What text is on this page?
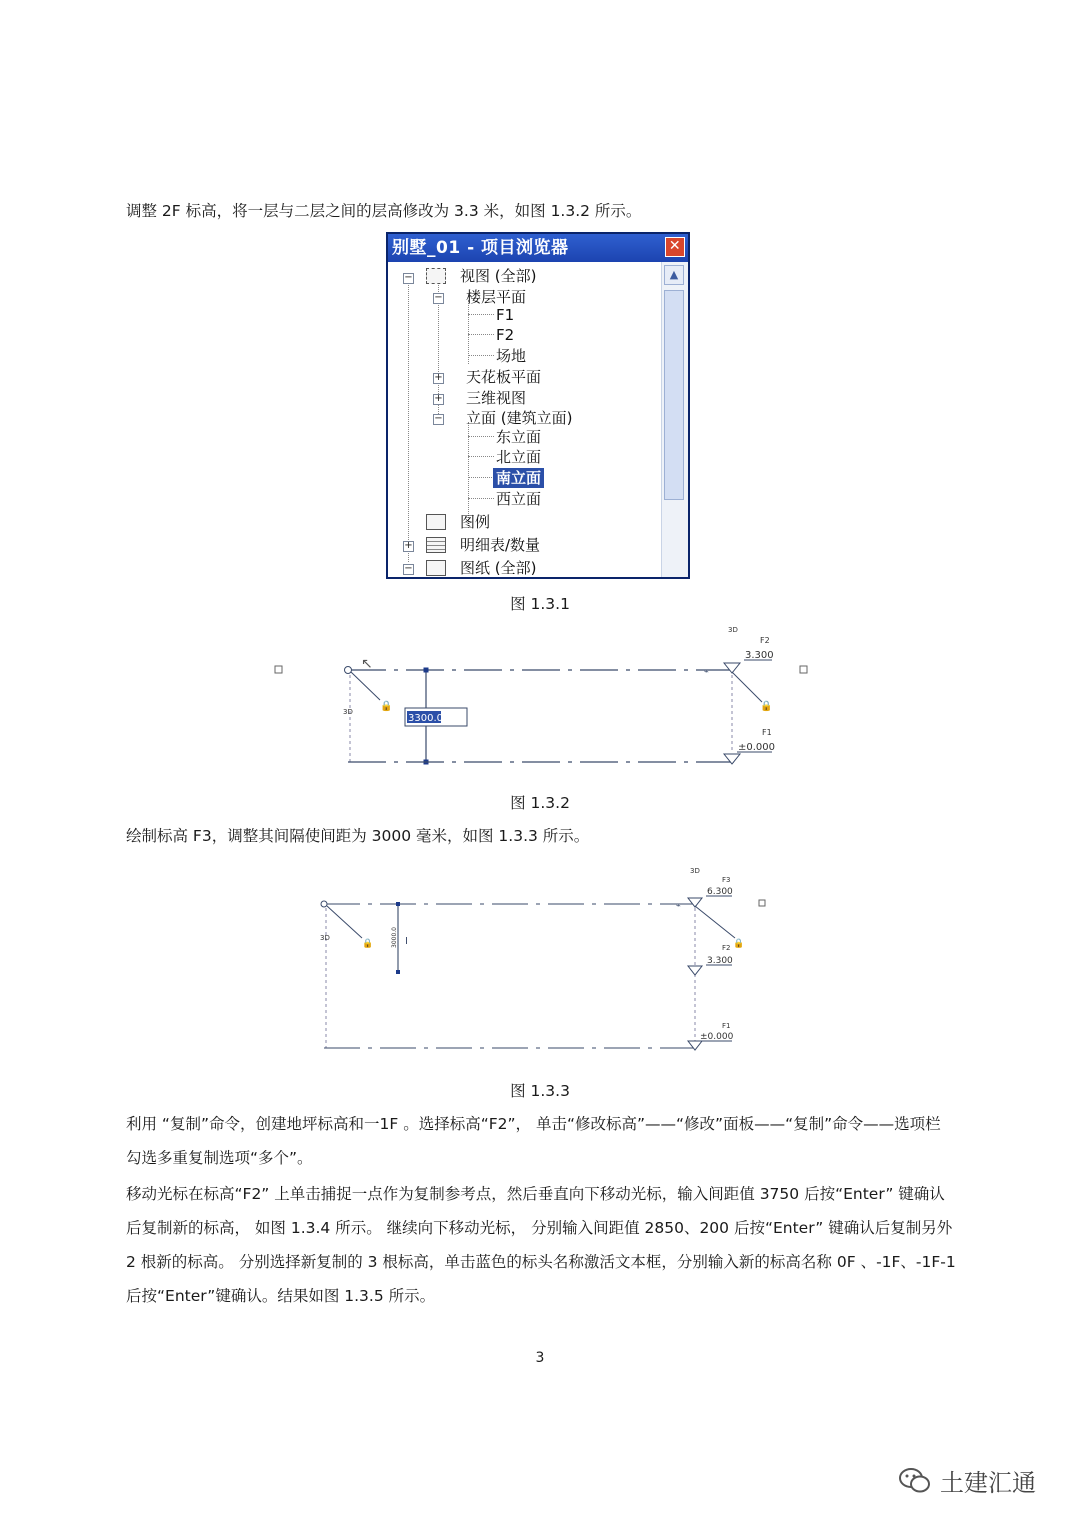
调整 2F 标高，将一层与二层之间的层高修改为 3.3 米，如图 1.3.2 所示。
别墅_01 - 项目浏览器	✕
−	视图 (全部)
− 楼层平面
F1
F2
场地
+ 天花板平面
+ 三维视图
− 立面 (建筑立面)
东立面
北立面
南立面
西立面
图例
+	明细表/数量
−	图纸 (全部)
▲
图 1.3.1
↖
🔒
3D
3300.0
⌁
🔒
3D
F2
3.300
F1
±0.000
图 1.3.2
绘制标高 F3，调整其间隔使间距为 3000 毫米，如图 1.3.3 所示。
🔒
3D	3000.0 I
⌁
🔒
3D
F3
6.300
F2
3.300
F1
±0.000
图 1.3.3
利用 “复制”命令，创建地坪标高和一1F 。选择标高“F2”， 单击“修改标高”——“修改”面板——“复制”命令——选项栏勾选多重复制选项“多个”。
移动光标在标高“F2” 上单击捕捉一点作为复制参考点，然后垂直向下移动光标，输入间距值 3750 后按“Enter” 键确认后复制新的标高， 如图 1.3.4 所示。 继续向下移动光标， 分别输入间距值 2850、200 后按“Enter” 键确认后复制另外 2 根新的标高。 分别选择新复制的 3 根标高，单击蓝色的标头名称激活文本框，分别输入新的标高名称 0F 、-1F、-1F-1 后按“Enter”键确认。结果如图 1.3.5 所示。
3
土建汇通
